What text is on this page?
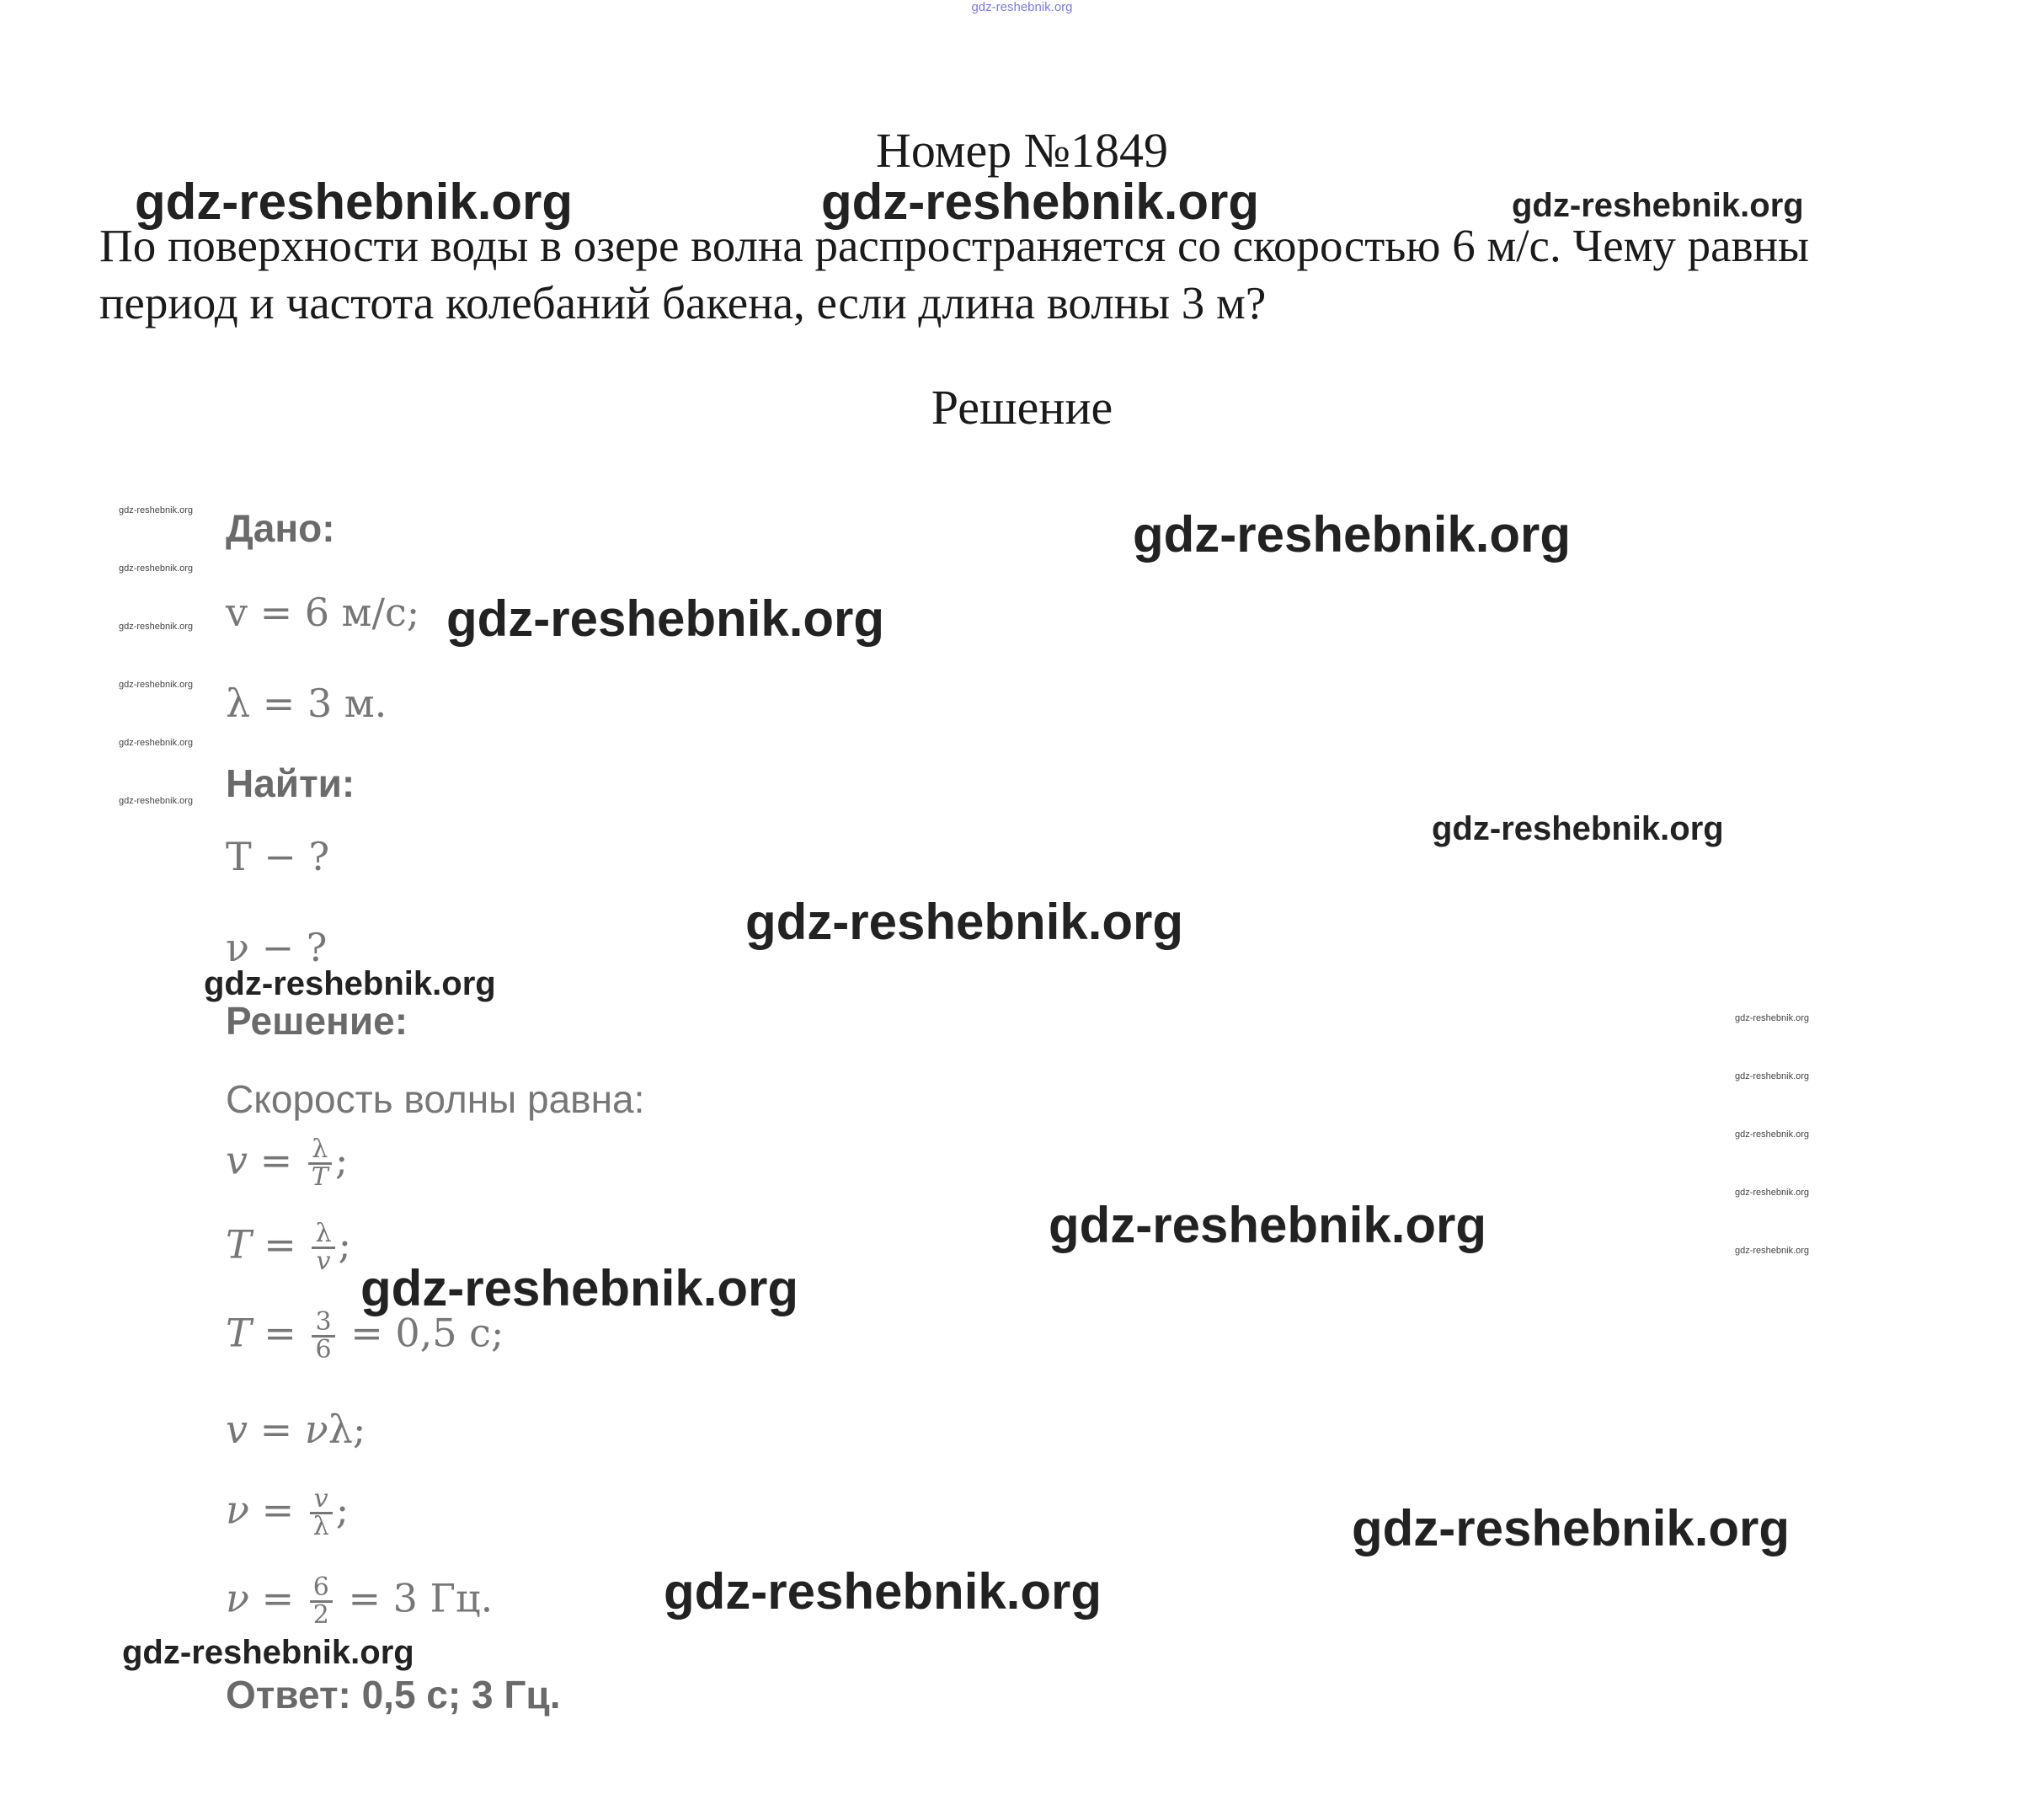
gdz-reshebnik.org
Номер №1849
По поверхности воды в озере волна распространяется со скоростью 6 м/с. Чему равны период и частота колебаний бакена, если длина волны 3 м?
Решение
Дано:
v = 6 м/с;
λ = 3 м.
Найти:
T − ?
ν − ?
Решение:
Скорость волны равна:
$v = \frac{\lambda}{T}$ ;
$T = \frac{\lambda}{v}$ ;
$T = \frac{3}{6} = 0,5$ с;
v = νλ;
$\nu = \frac{v}{\lambda}$ ;
$\nu = \frac{6}{2} = 3$ Гц.
Ответ: 0,5 с; 3 Гц.
gdz-reshebnik.org	gdz-reshebnik.org	gdz-reshebnik.org
gdz-reshebnik.org
gdz-reshebnik.org
gdz-reshebnik.org
gdz-reshebnik.org
gdz-reshebnik.org
gdz-reshebnik.org
gdz-reshebnik.org
gdz-reshebnik.org
gdz-reshebnik.org
gdz-reshebnik.org
gdz-reshebnik.org
gdz-reshebnik.org
gdz-reshebnik.org
gdz-reshebnik.org
gdz-reshebnik.org
gdz-reshebnik.org
gdz-reshebnik.org
gdz-reshebnik.org
gdz-reshebnik.org
gdz-reshebnik.org
gdz-reshebnik.org
